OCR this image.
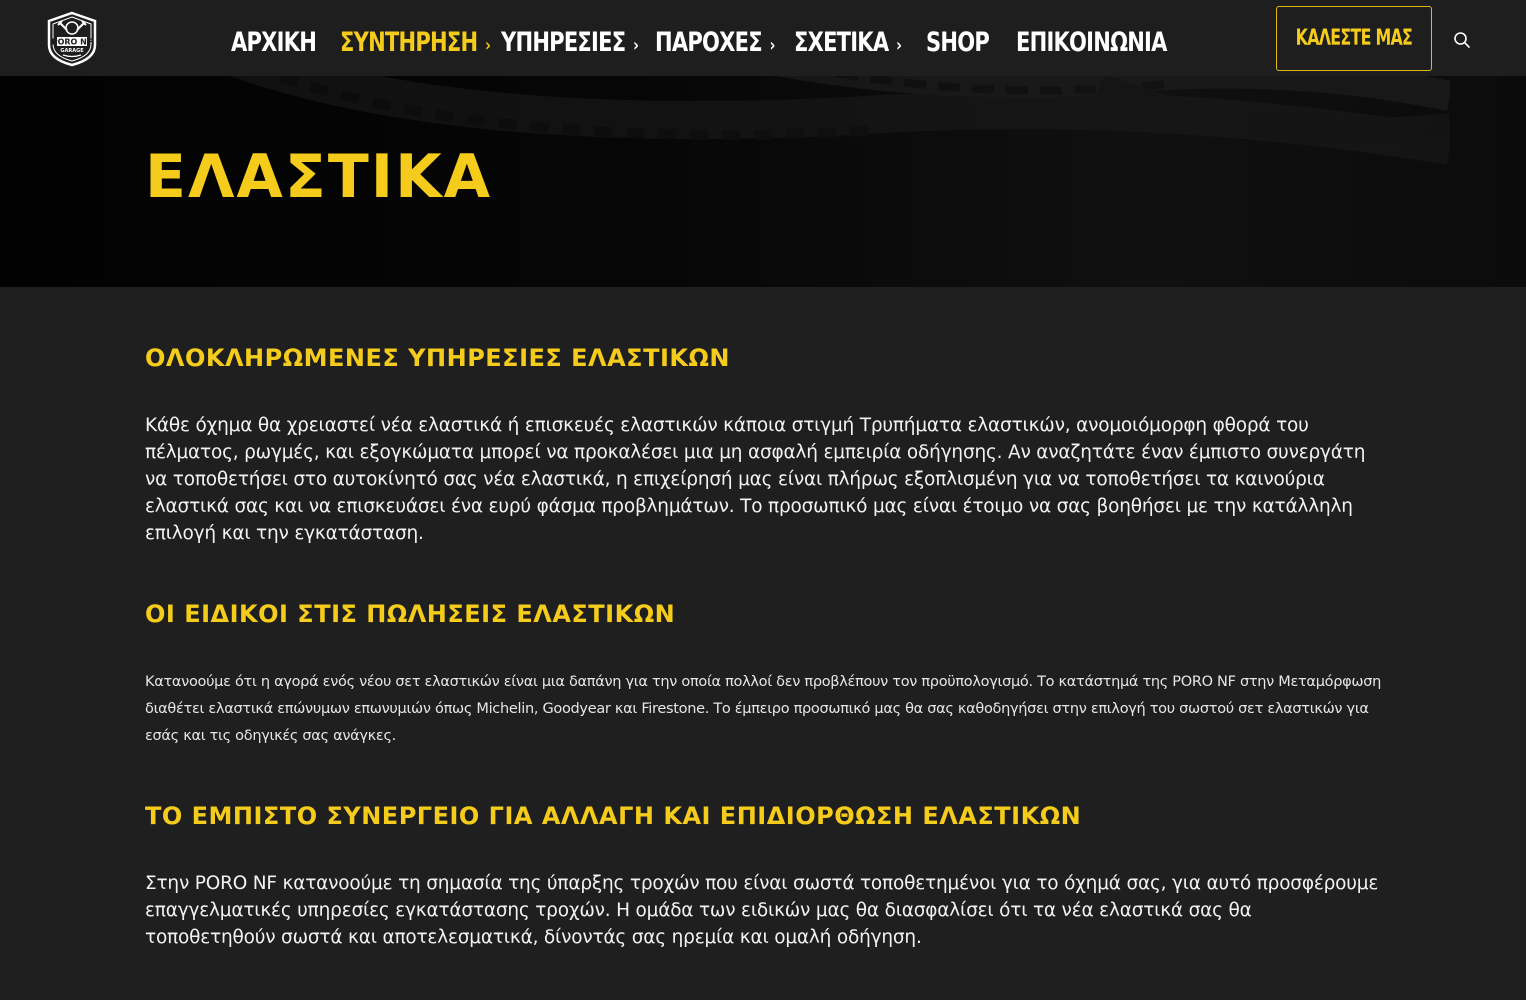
PORO NF
GARAGE	ΑΡΧΙΚΗ ΣΥΝΤΗΡΗΣΗ › ΥΠΗΡΕΣΙΕΣ › ΠΑΡΟΧΕΣ › ΣΧΕΤΙΚΑ › SHOP ΕΠΙΚΟΙΝΩΝΙΑ	ΚΑΛΕΣΤΕ ΜΑΣ
ΕΛΑΣΤΙΚΑ
ΟΛΟΚΛΗΡΩΜΕΝΕΣ ΥΠΗΡΕΣΙΕΣ ΕΛΑΣΤΙΚΩΝ
Κάθε όχημα θα χρειαστεί νέα ελαστικά ή επισκευές ελαστικών κάποια στιγμή Τρυπήματα ελαστικών, ανομοιόμορφη φθορά του πέλματος, ρωγμές, και εξογκώματα μπορεί να προκαλέσει μια μη ασφαλή εμπειρία οδήγησης. Αν αναζητάτε έναν έμπιστο συνεργάτη να τοποθετήσει στο αυτοκίνητό σας νέα ελαστικά, η επιχείρησή μας είναι πλήρως εξοπλισμένη για να τοποθετήσει τα καινούρια ελαστικά σας και να επισκευάσει ένα ευρύ φάσμα προβλημάτων. Το προσωπικό μας είναι έτοιμο να σας βοηθήσει με την κατάλληλη επιλογή και την εγκατάσταση.
ΟΙ ΕΙΔΙΚΟΙ ΣΤΙΣ ΠΩΛΗΣΕΙΣ ΕΛΑΣΤΙΚΩΝ
Κατανοούμε ότι η αγορά ενός νέου σετ ελαστικών είναι μια δαπάνη για την οποία πολλοί δεν προβλέπουν τον προϋπολογισμό. Το κατάστημά της PORO NF στην Μεταμόρφωση διαθέτει ελαστικά επώνυμων επωνυμιών όπως Michelin, Goodyear και Firestone. Το έμπειρο προσωπικό μας θα σας καθοδηγήσει στην επιλογή του σωστού σετ ελαστικών για εσάς και τις οδηγικές σας ανάγκες.
ΤΟ ΕΜΠΙΣΤΟ ΣΥΝΕΡΓΕΙΟ ΓΙΑ ΑΛΛΑΓΗ ΚΑΙ ΕΠΙΔΙΟΡΘΩΣΗ ΕΛΑΣΤΙΚΩΝ
Στην PORO NF κατανοούμε τη σημασία της ύπαρξης τροχών που είναι σωστά τοποθετημένοι για το όχημά σας, για αυτό προσφέρουμε επαγγελματικές υπηρεσίες εγκατάστασης τροχών. Η ομάδα των ειδικών μας θα διασφαλίσει ότι τα νέα ελαστικά σας θα τοποθετηθούν σωστά και αποτελεσματικά, δίνοντάς σας ηρεμία και ομαλή οδήγηση.
